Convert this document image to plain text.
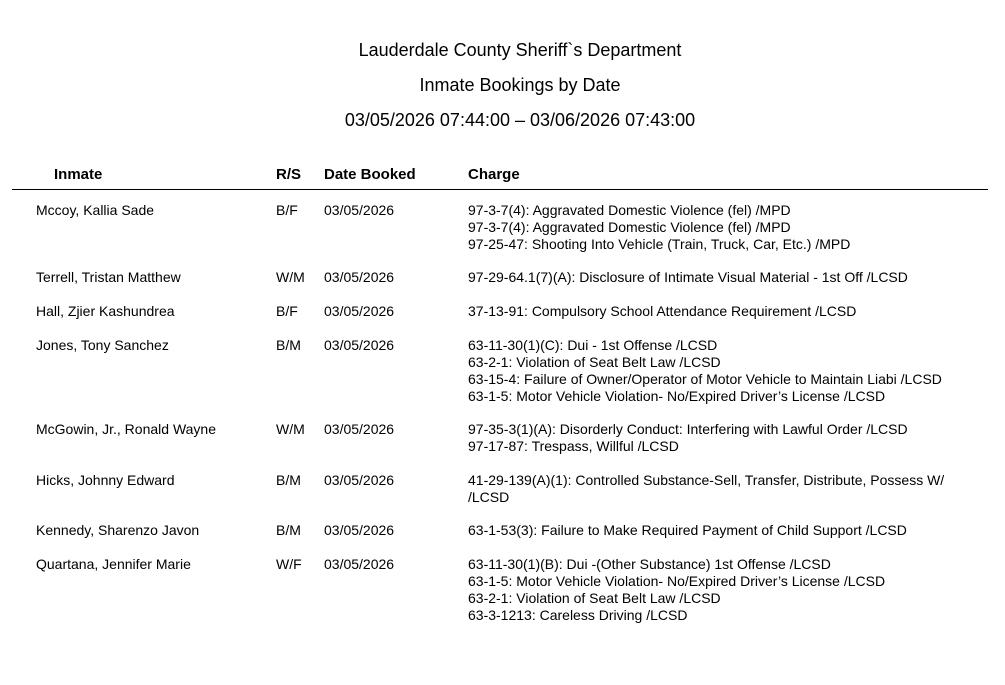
Lauderdale County Sheriff`s Department
Inmate Bookings by Date
03/05/2026 07:44:00 – 03/06/2026 07:43:00
Inmate	R/S Date Booked	Charge
Mccoy, Kallia Sade	B/F 03/05/2026	97-3-7(4): Aggravated Domestic Violence (fel) /MPD
97-3-7(4): Aggravated Domestic Violence (fel) /MPD
97-25-47: Shooting Into Vehicle (Train, Truck, Car, Etc.) /MPD
Terrell, Tristan Matthew	W/M 03/05/2026	97-29-64.1(7)(A): Disclosure of Intimate Visual Material - 1st Off /LCSD
Hall, Zjier Kashundrea	B/F 03/05/2026	37-13-91: Compulsory School Attendance Requirement /LCSD
Jones, Tony Sanchez	B/M 03/05/2026	63-11-30(1)(C): Dui - 1st Offense /LCSD
63-2-1: Violation of Seat Belt Law /LCSD
63-15-4: Failure of Owner/Operator of Motor Vehicle to Maintain Liabi /LCSD
63-1-5: Motor Vehicle Violation- No/Expired Driver’s License /LCSD
McGowin, Jr., Ronald Wayne	W/M 03/05/2026	97-35-3(1)(A): Disorderly Conduct: Interfering with Lawful Order /LCSD
97-17-87: Trespass, Willful /LCSD
Hicks, Johnny Edward	B/M 03/05/2026	41-29-139(A)(1): Controlled Substance-Sell, Transfer, Distribute, Possess W/
/LCSD
Kennedy, Sharenzo Javon	B/M 03/05/2026	63-1-53(3): Failure to Make Required Payment of Child Support /LCSD
Quartana, Jennifer Marie	W/F 03/05/2026	63-11-30(1)(B): Dui -(Other Substance) 1st Offense /LCSD
63-1-5: Motor Vehicle Violation- No/Expired Driver’s License /LCSD
63-2-1: Violation of Seat Belt Law /LCSD
63-3-1213: Careless Driving /LCSD
